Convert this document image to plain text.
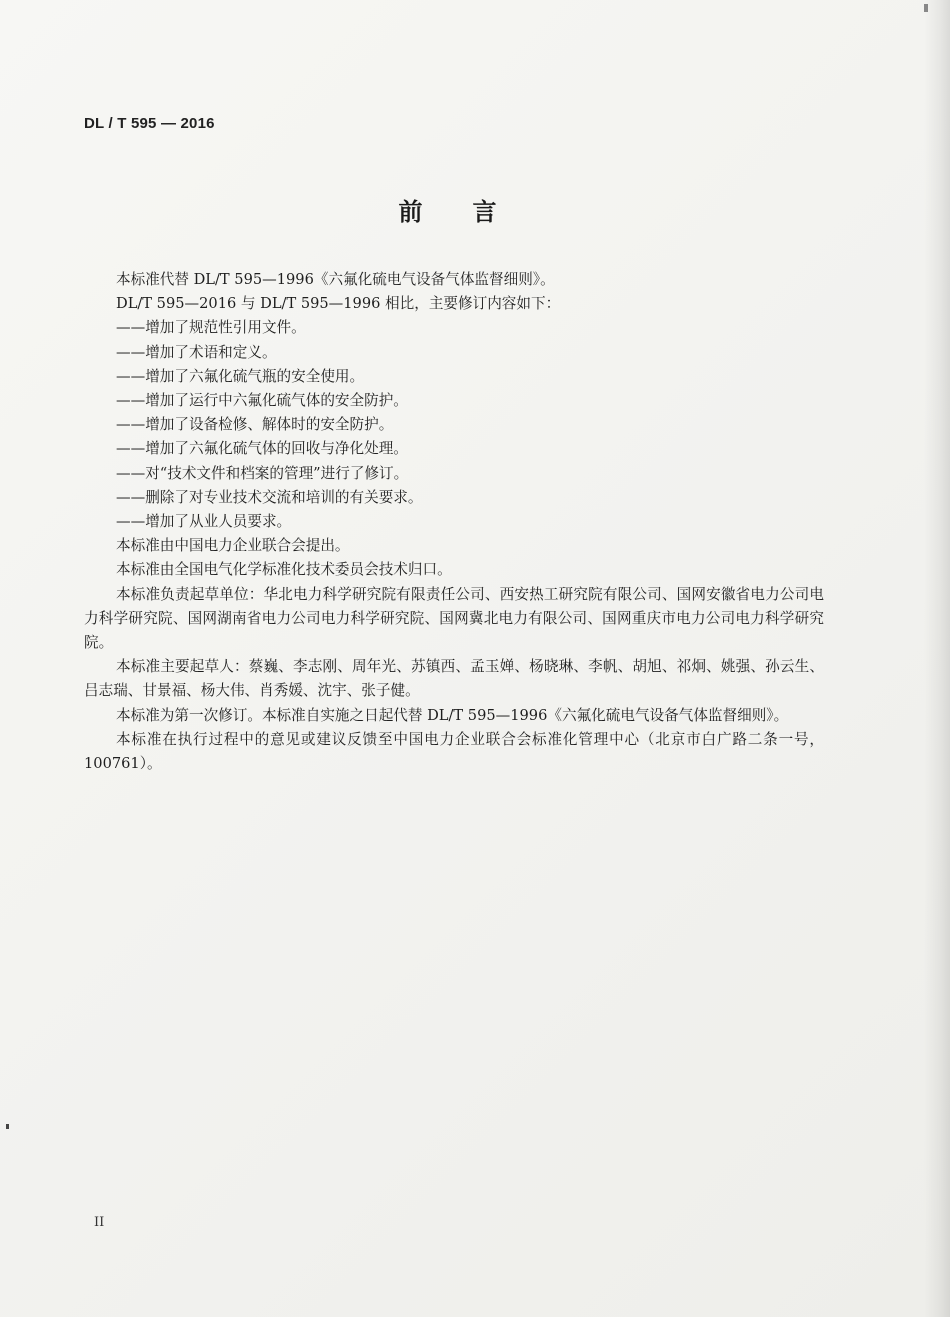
DL / T 595 — 2016
前言

本标准代替 DL/T 595—1996《六氟化硫电气设备气体监督细则》。

DL/T 595—2016 与 DL/T 595—1996 相比，主要修订内容如下：

——增加了规范性引用文件。

——增加了术语和定义。

——增加了六氟化硫气瓶的安全使用。

——增加了运行中六氟化硫气体的安全防护。

——增加了设备检修、解体时的安全防护。

——增加了六氟化硫气体的回收与净化处理。

——对“技术文件和档案的管理”进行了修订。

——删除了对专业技术交流和培训的有关要求。

——增加了从业人员要求。

本标准由中国电力企业联合会提出。

本标准由全国电气化学标准化技术委员会技术归口。

本标准负责起草单位：华北电力科学研究院有限责任公司、西安热工研究院有限公司、国网安徽省电力公司电力科学研究院、国网湖南省电力公司电力科学研究院、国网冀北电力有限公司、国网重庆市电力公司电力科学研究院。

本标准主要起草人：蔡巍、李志刚、周年光、苏镇西、孟玉婵、杨晓琳、李帆、胡旭、祁炯、姚强、孙云生、吕志瑞、甘景福、杨大伟、肖秀媛、沈宇、张子健。

本标准为第一次修订。本标准自实施之日起代替 DL/T 595—1996《六氟化硫电气设备气体监督细则》。

本标准在执行过程中的意见或建议反馈至中国电力企业联合会标准化管理中心（北京市白广路二条一号，100761）。

II
